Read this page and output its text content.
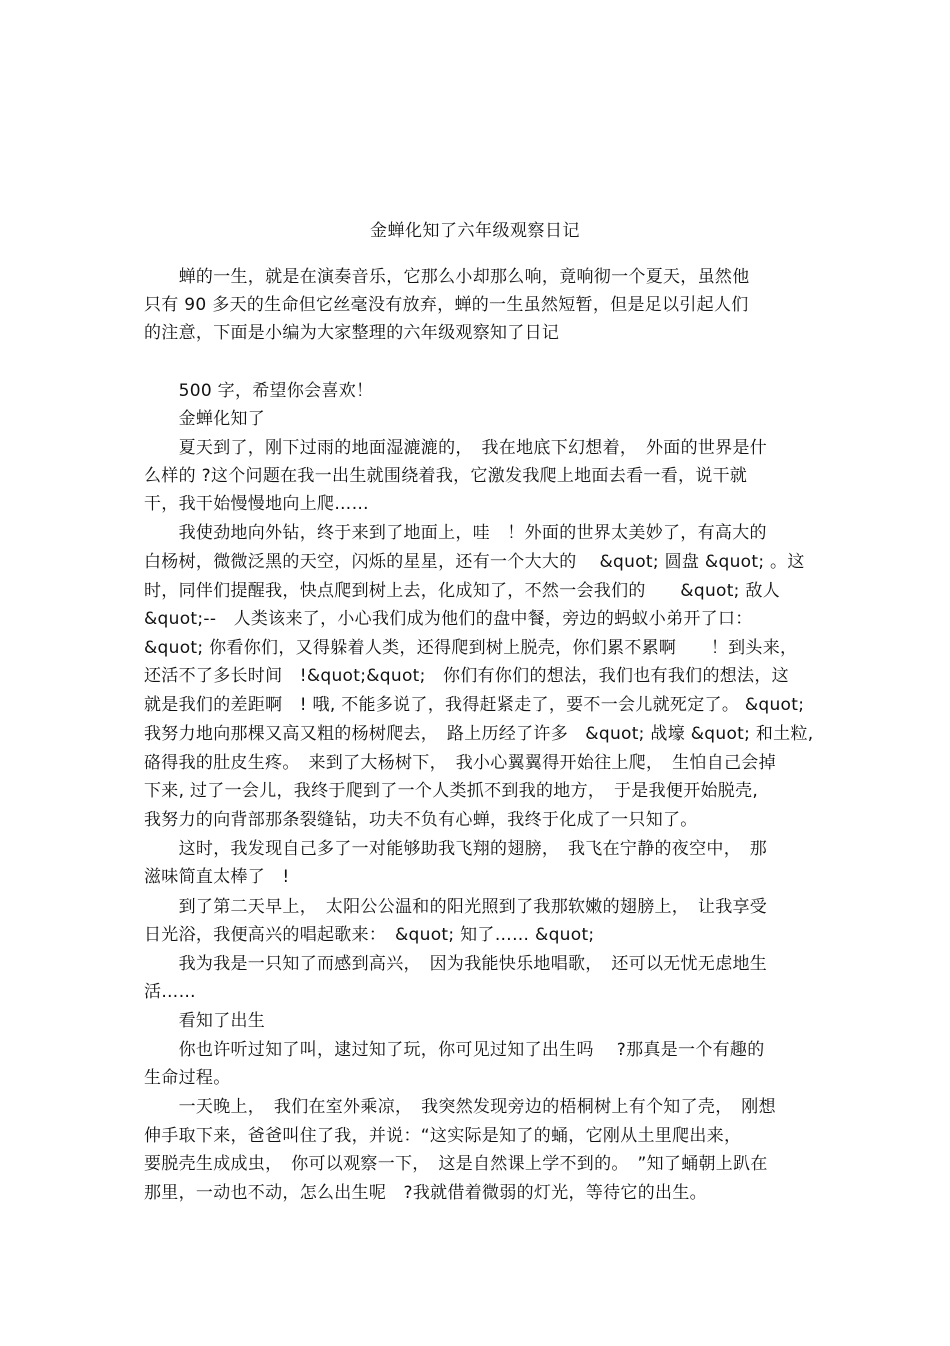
金蝉化知了六年级观察日记
　　蝉的一生，就是在演奏音乐，它那么小却那么响，竟响彻一个夏天，虽然他
只有 90 多天的生命但它丝毫没有放弃，蝉的一生虽然短暂，但是足以引起人们
的注意，下面是小编为大家整理的六年级观察知了日记
　　500 字，希望你会喜欢！
　　金蝉化知了
　　夏天到了，刚下过雨的地面湿漉漉的，　我在地底下幻想着，　外面的世界是什
么样的 ?这个问题在我一出生就围绕着我，它激发我爬上地面去看一看，说干就
干，我干始慢慢地向上爬……
　　我使劲地向外钻，终于来到了地面上，哇　！外面的世界太美妙了，有高大的
白杨树，微微泛黑的天空，闪烁的星星，还有一个大大的　 &quot; 圆盘 &quot; 。这
时，同伴们提醒我，快点爬到树上去，化成知了，不然一会我们的　　&quot; 敌人
&quot;--　人类该来了，小心我们成为他们的盘中餐，旁边的蚂蚁小弟开了口：
&quot; 你看你们，又得躲着人类，还得爬到树上脱壳，你们累不累啊　　！到头来，
还活不了多长时间　!&quot;&quot;　你们有你们的想法，我们也有我们的想法，这
就是我们的差距啊　! 哦, 不能多说了，我得赶紧走了，要不一会儿就死定了。 &quot;
我努力地向那棵又高又粗的杨树爬去，　路上历经了许多　&quot; 战壕 &quot; 和土粒,
硌得我的肚皮生疼。　来到了大杨树下，　我小心翼翼得开始往上爬，　生怕自己会掉
下来, 过了一会儿，我终于爬到了一个人类抓不到我的地方，　于是我便开始脱壳,
我努力的向背部那条裂缝钻，功夫不负有心蝉，我终于化成了一只知了。
　　这时，我发现自己多了一对能够助我飞翔的翅膀，　我飞在宁静的夜空中，　那
滋味简直太棒了　!
　　到了第二天早上，　太阳公公温和的阳光照到了我那软嫩的翅膀上，　让我享受
日光浴，我便高兴的唱起歌来：　&quot; 知了…… &quot;
　　我为我是一只知了而感到高兴，　因为我能快乐地唱歌，　还可以无忧无虑地生
活……
　　看知了出生
　　你也许听过知了叫，逮过知了玩，你可见过知了出生吗　 ?那真是一个有趣的
生命过程。
　　一天晚上，　我们在室外乘凉，　我突然发现旁边的梧桐树上有个知了壳，　刚想
伸手取下来，爸爸叫住了我，并说：“这实际是知了的蛹，它刚从土里爬出来，
要脱壳生成成虫，　你可以观察一下，　这是自然课上学不到的。　”知了蛹朝上趴在
那里，一动也不动，怎么出生呢　?我就借着微弱的灯光，等待它的出生。
